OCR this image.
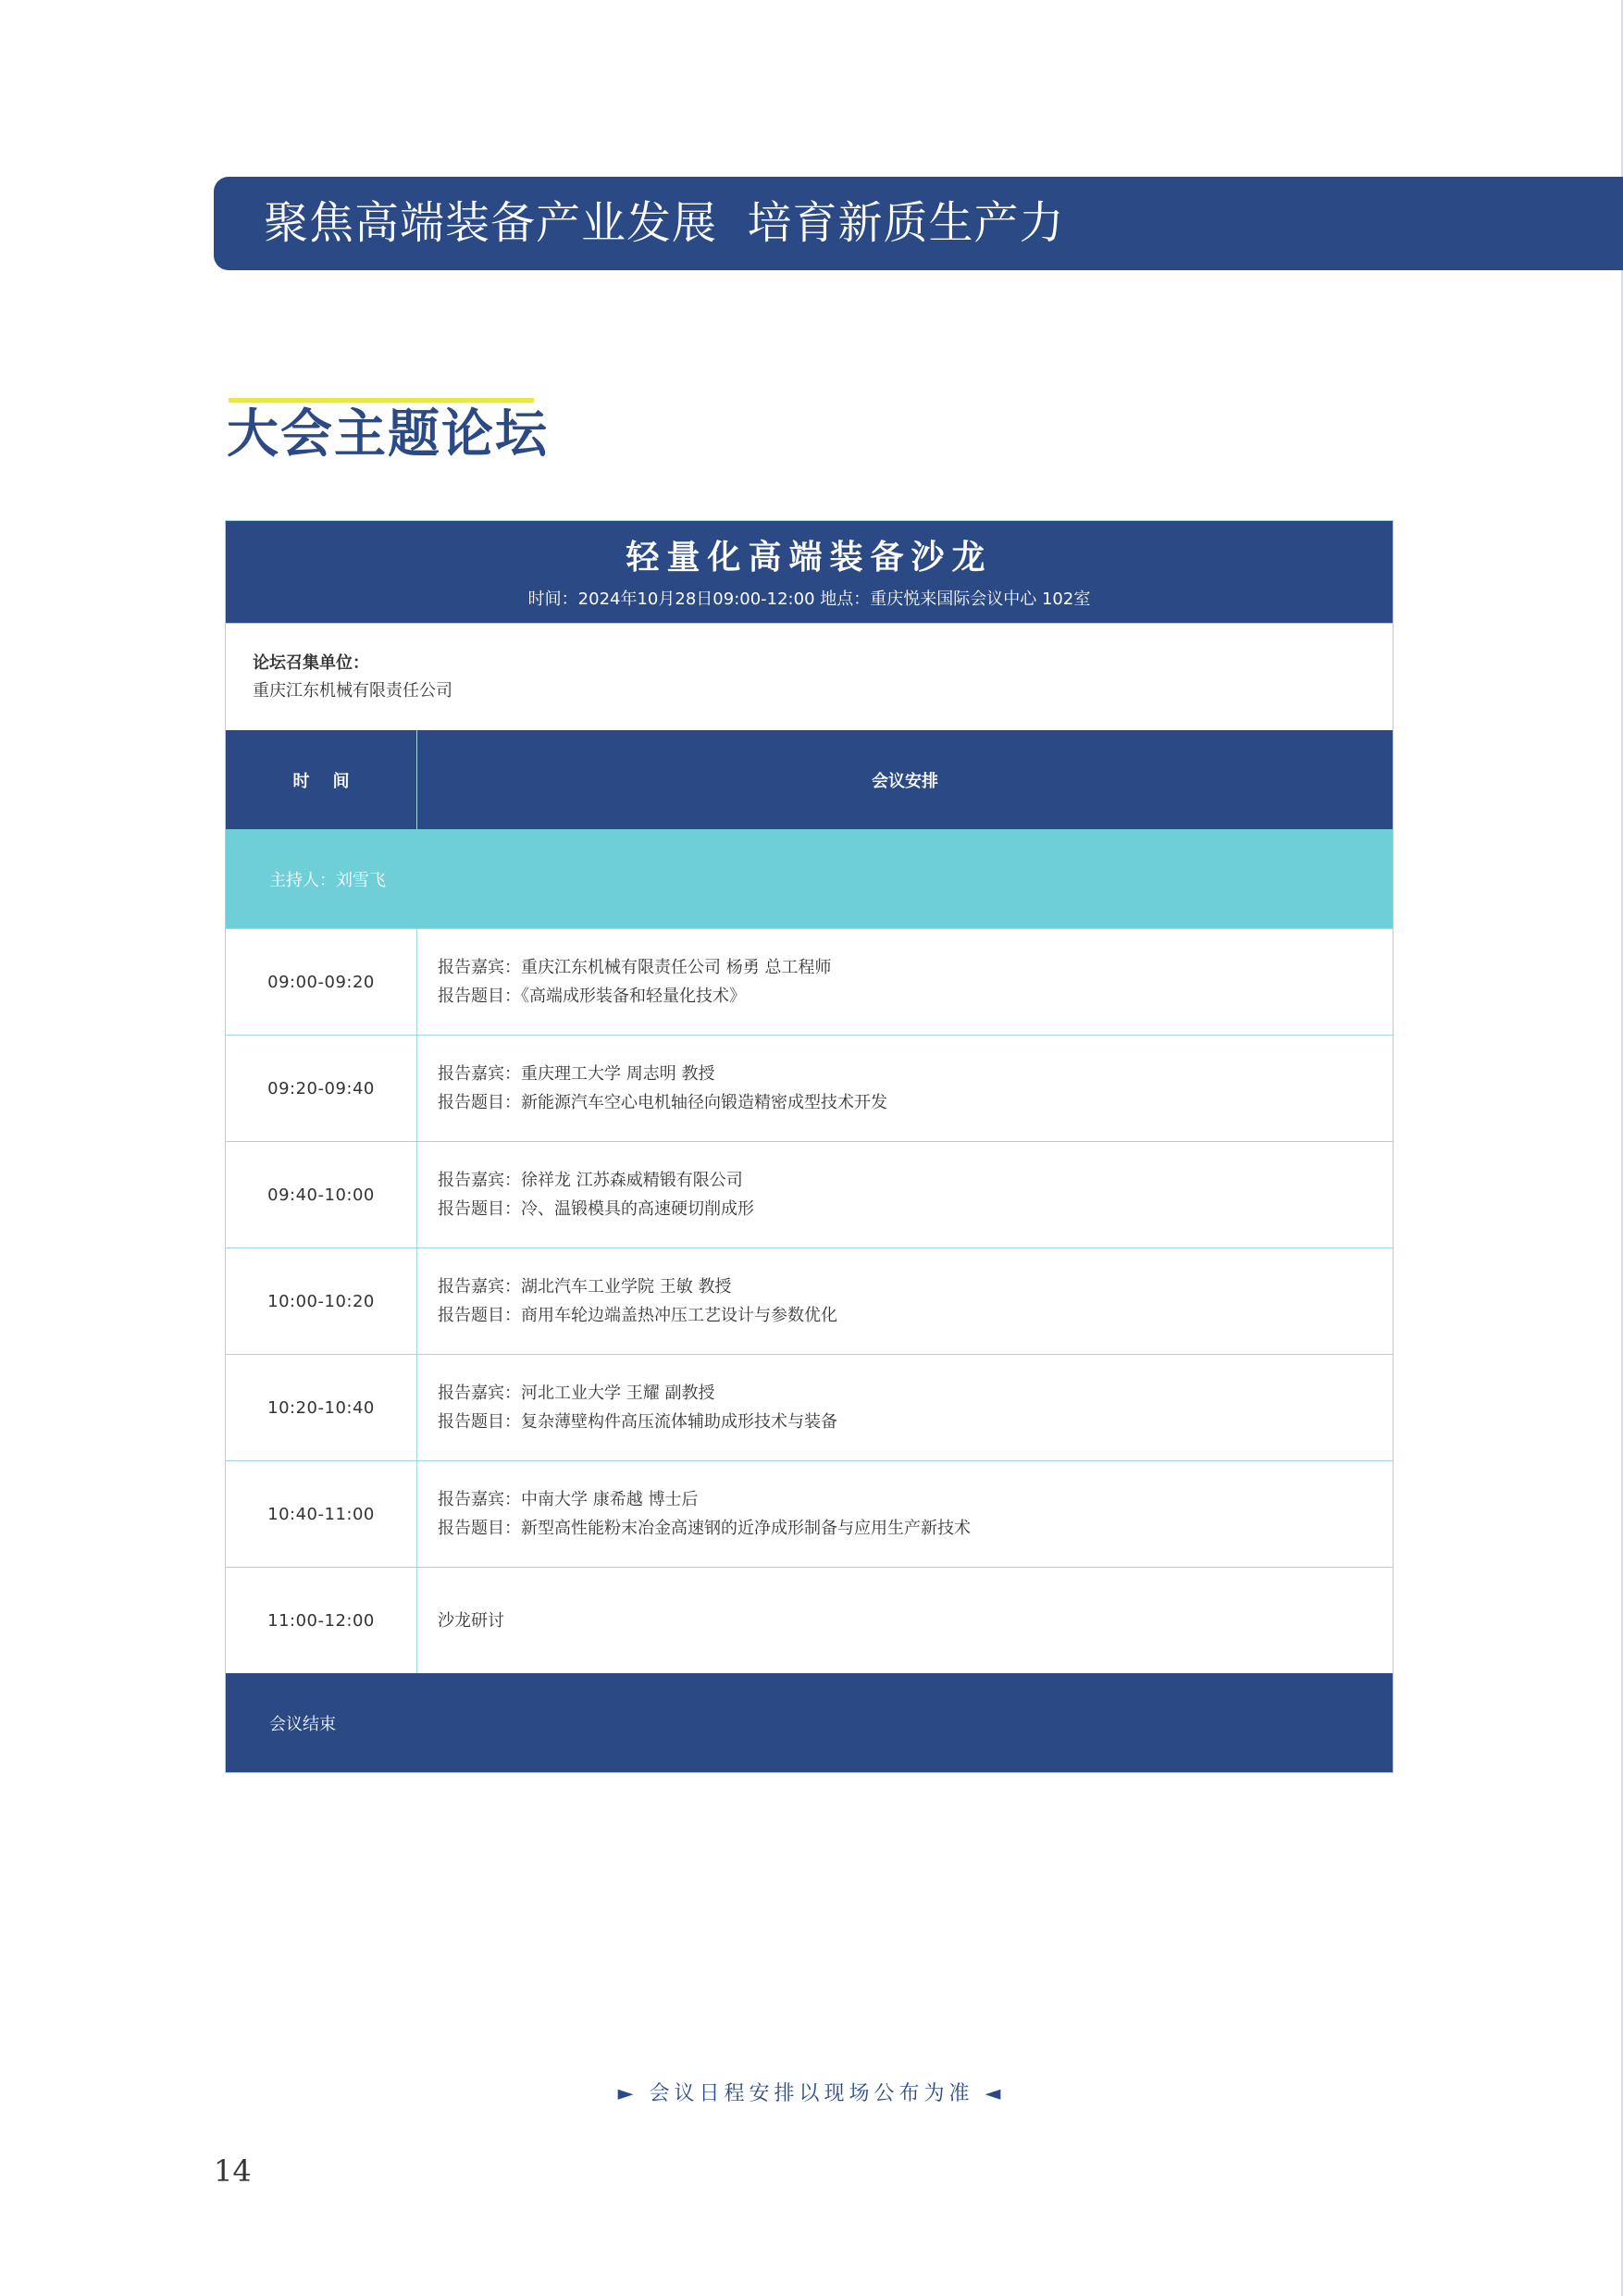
聚焦高端装备产业发展  培育新质生产力
大会主题论坛
轻量化高端装备沙龙
时间：2024年10月28日09:00-12:00 地点：重庆悦来国际会议中心 102室
论坛召集单位：
重庆江东机械有限责任公司
时    间	会议安排
主持人：刘雪飞
09:00-09:20
报告嘉宾：重庆江东机械有限责任公司 杨勇 总工程师
报告题目：《高端成形装备和轻量化技术》
09:20-09:40
报告嘉宾：重庆理工大学 周志明 教授
报告题目：新能源汽车空心电机轴径向锻造精密成型技术开发
09:40-10:00
报告嘉宾：徐祥龙 江苏森威精锻有限公司
报告题目：冷、温锻模具的高速硬切削成形
10:00-10:20
报告嘉宾：湖北汽车工业学院 王敏 教授
报告题目：商用车轮边端盖热冲压工艺设计与参数优化
10:20-10:40
报告嘉宾：河北工业大学 王耀 副教授
报告题目：复杂薄壁构件高压流体辅助成形技术与装备
10:40-11:00
报告嘉宾：中南大学 康希越 博士后
报告题目：新型高性能粉末冶金高速钢的近净成形制备与应用生产新技术
11:00-12:00	沙龙研讨
会议结束
► 会议日程安排以现场公布为准 ◄
14
